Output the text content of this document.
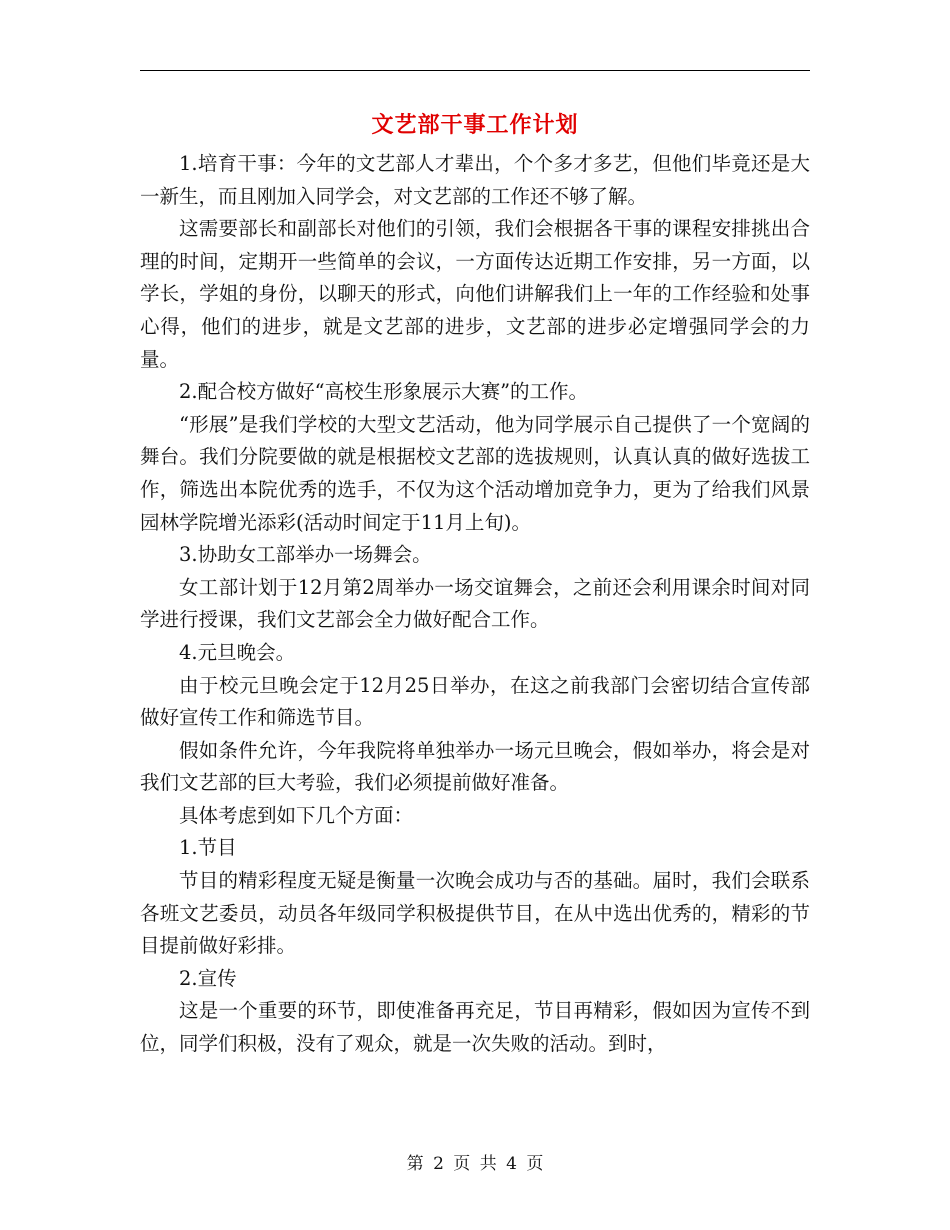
文艺部干事工作计划

1.培育干事：今年的文艺部人才辈出，个个多才多艺，但他们毕竟还是大一新生，而且刚加入同学会，对文艺部的工作还不够了解。

这需要部长和副部长对他们的引领，我们会根据各干事的课程安排挑出合理的时间，定期开一些简单的会议，一方面传达近期工作安排，另一方面，以学长，学姐的身份，以聊天的形式，向他们讲解我们上一年的工作经验和处事心得，他们的进步，就是文艺部的进步，文艺部的进步必定增强同学会的力量。

2.配合校方做好“高校生形象展示大赛”的工作。

“形展”是我们学校的大型文艺活动，他为同学展示自己提供了一个宽阔的舞台。我们分院要做的就是根据校文艺部的选拔规则，认真认真的做好选拔工作，筛选出本院优秀的选手，不仅为这个活动增加竞争力，更为了给我们风景园林学院增光添彩(活动时间定于11月上旬)。

3.协助女工部举办一场舞会。

女工部计划于12月第2周举办一场交谊舞会，之前还会利用课余时间对同学进行授课，我们文艺部会全力做好配合工作。

4.元旦晚会。

由于校元旦晚会定于12月25日举办，在这之前我部门会密切结合宣传部做好宣传工作和筛选节目。

假如条件允许，今年我院将单独举办一场元旦晚会，假如举办，将会是对我们文艺部的巨大考验，我们必须提前做好准备。

具体考虑到如下几个方面：

1.节目

节目的精彩程度无疑是衡量一次晚会成功与否的基础。届时，我们会联系各班文艺委员，动员各年级同学积极提供节目，在从中选出优秀的，精彩的节目提前做好彩排。

2.宣传

这是一个重要的环节，即使准备再充足，节目再精彩，假如因为宣传不到位，同学们积极，没有了观众，就是一次失败的活动。到时，

第 2 页 共 4 页
